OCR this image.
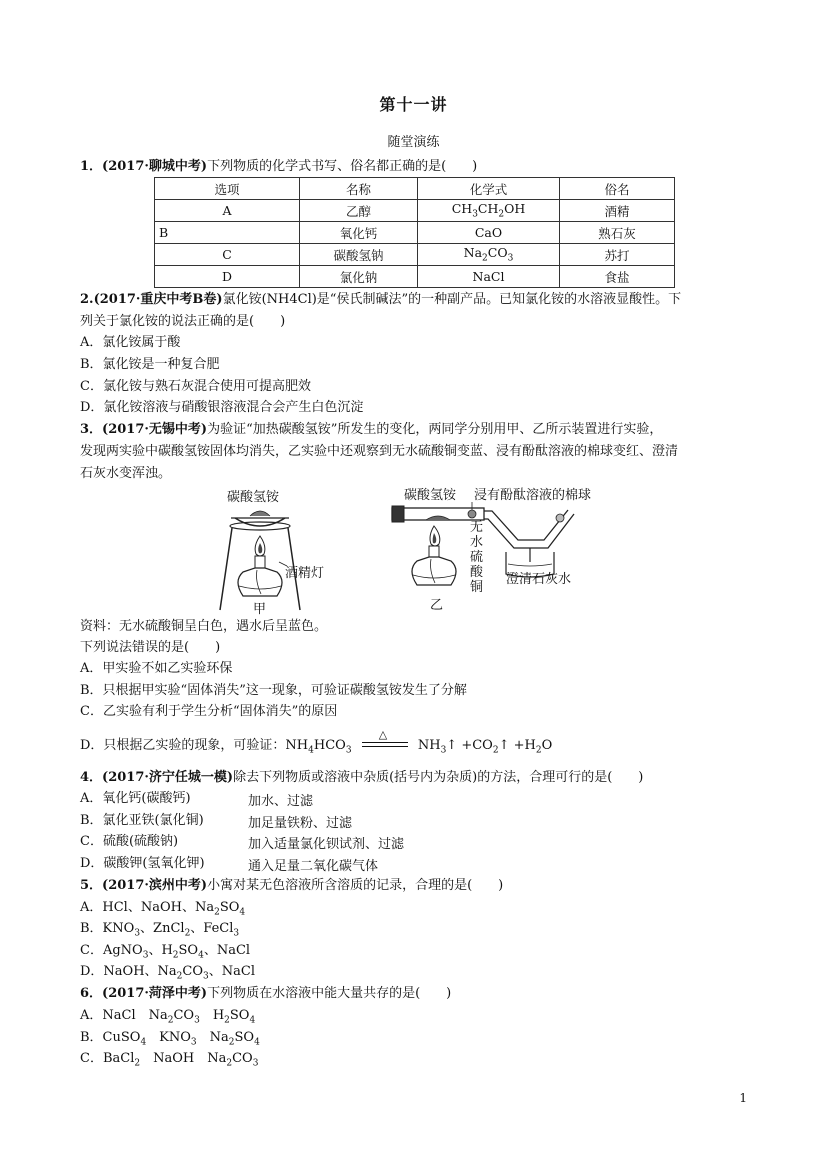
第十一讲
随堂演练
1．(2017·聊城中考)下列物质的化学式书写、俗名都正确的是(　　)
选项	名称	化学式	俗名
A	乙醇	$CH_3CH_2OH$	酒精
B	氧化钙	CaO	熟石灰
C	碳酸氢钠	$Na_2CO_3$	苏打
D	氯化钠	NaCl	食盐
2.(2017·重庆中考B卷)氯化铵(NH4Cl)是“侯氏制碱法”的一种副产品。已知氯化铵的水溶液显酸性。下
列关于氯化铵的说法正确的是(　　)
A．氯化铵属于酸
B．氯化铵是一种复合肥
C．氯化铵与熟石灰混合使用可提高肥效
D．氯化铵溶液与硝酸银溶液混合会产生白色沉淀
3．(2017·无锡中考)为验证“加热碳酸氢铵”所发生的变化，两同学分别用甲、乙所示装置进行实验，
发现两实验中碳酸氢铵固体均消失，乙实验中还观察到无水硫酸铜变蓝、浸有酚酞溶液的棉球变红、澄清
石灰水变浑浊。
碳酸氢铵
酒精灯
甲
碳酸氢铵 浸有酚酞溶液的棉球
无水硫酸铜
澄清石灰水
乙
资料：无水硫酸铜呈白色，遇水后呈蓝色。
下列说法错误的是(　　)
A．甲实验不如乙实验环保
B．只根据甲实验“固体消失”这一现象，可验证碳酸氢铵发生了分解
C．乙实验有利于学生分析“固体消失”的原因
D．只根据乙实验的现象，可验证：$NH_4HCO_3$
△
$NH_3↑$ $+CO_2↑ +H_2O$
4．(2017·济宁任城一模)除去下列物质或溶液中杂质(括号内为杂质)的方法，合理可行的是(　　)
A．氧化钙(碳酸钙)	加水、过滤
B．氯化亚铁(氯化铜)	加足量铁粉、过滤
C．硫酸(硫酸钠)	加入适量氯化钡试剂、过滤
D．碳酸钾(氢氧化钾)	通入足量二氧化碳气体
5．(2017·滨州中考)小寓对某无色溶液所含溶质的记录，合理的是(　　)
A．HCl、NaOH、$Na_2SO_4$
B．$KNO_3$、ZnCl$_2$、FeCl$_3$
C．AgNO$_3$、$H_2SO_4$、NaCl
D．NaOH、$Na_2CO_3$、NaCl
6．(2017·菏泽中考)下列物质在水溶液中能大量共存的是(　　)
A．NaCl　$Na_2CO_3$　$H_2SO_4$
B．CuSO$_4$　$KNO_3$　$Na_2SO_4$
C．BaCl$_2$　NaOH　$Na_2CO_3$
1
